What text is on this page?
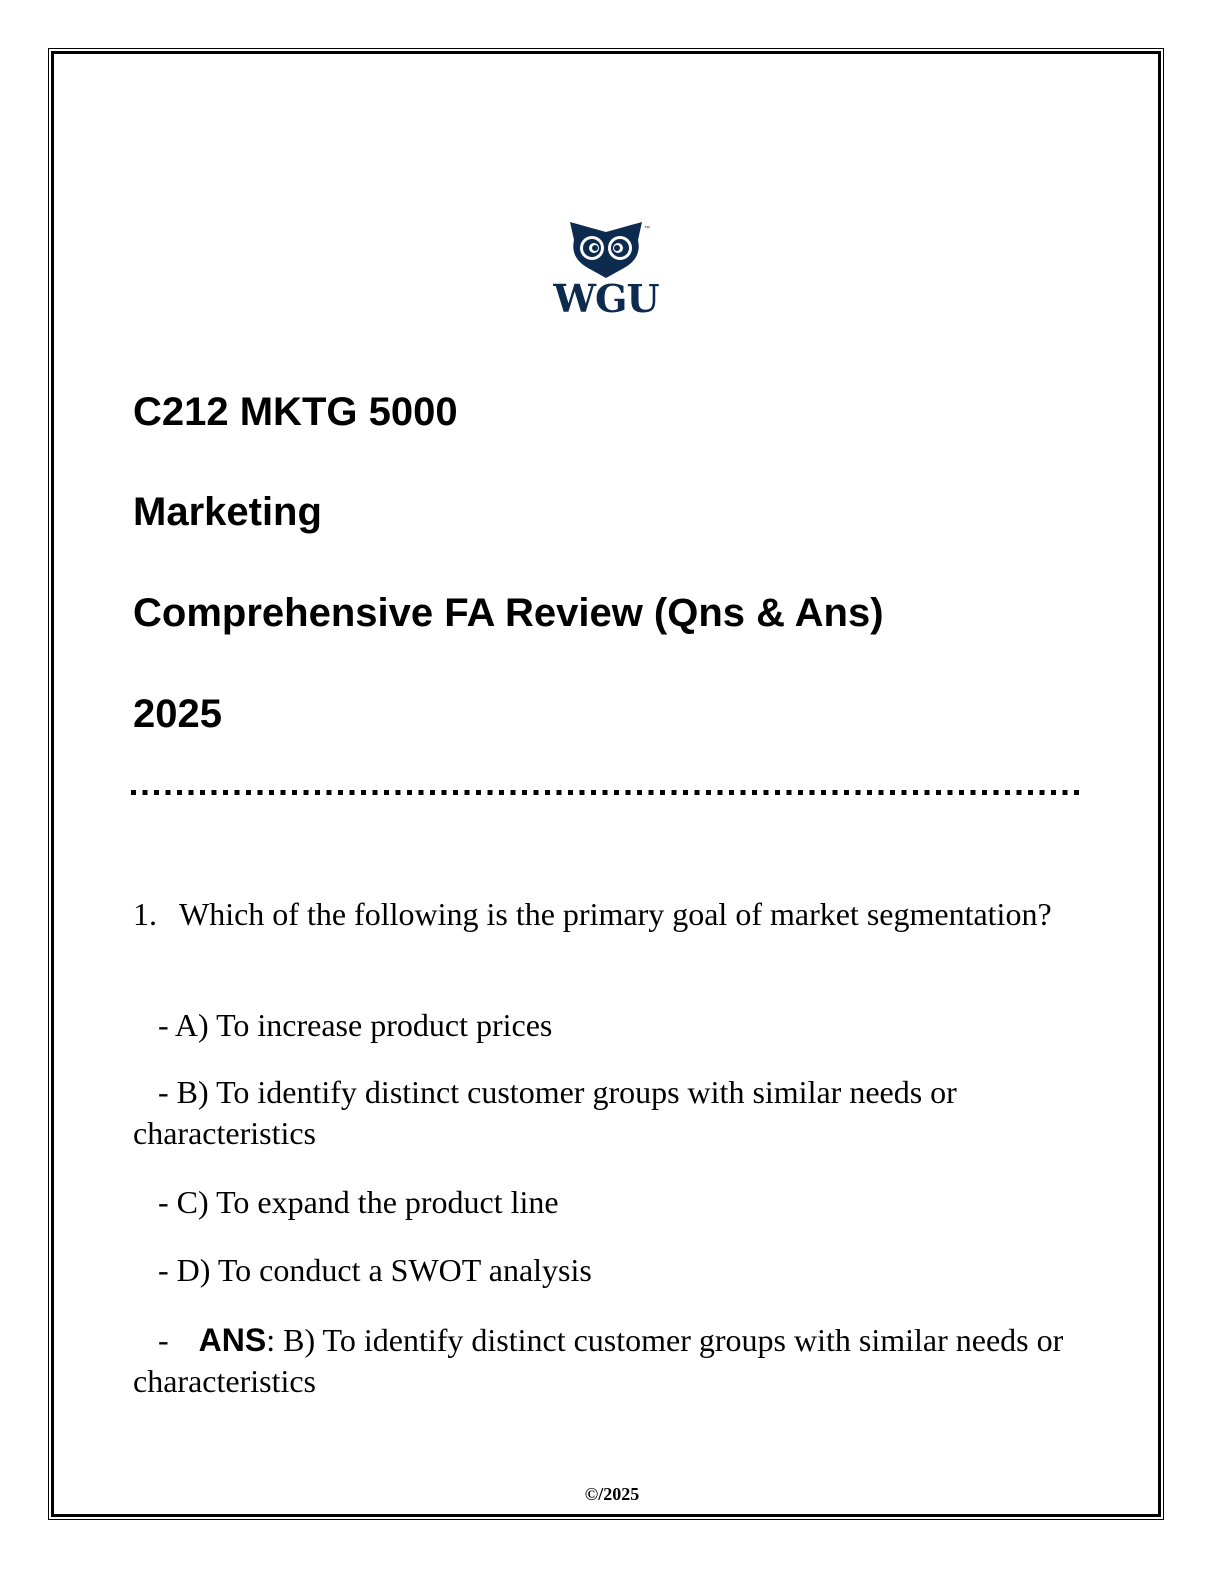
™
WGU
C212 MKTG 5000
Marketing
Comprehensive FA Review (Qns & Ans)
2025
1. Which of the following is the primary goal of market segmentation?
- A) To increase product prices
- B) To identify distinct customer groups with similar needs or characteristics
- C) To expand the product line
- D) To conduct a SWOT analysis
- ANS: B) To identify distinct customer groups with similar needs or characteristics
©/2025
